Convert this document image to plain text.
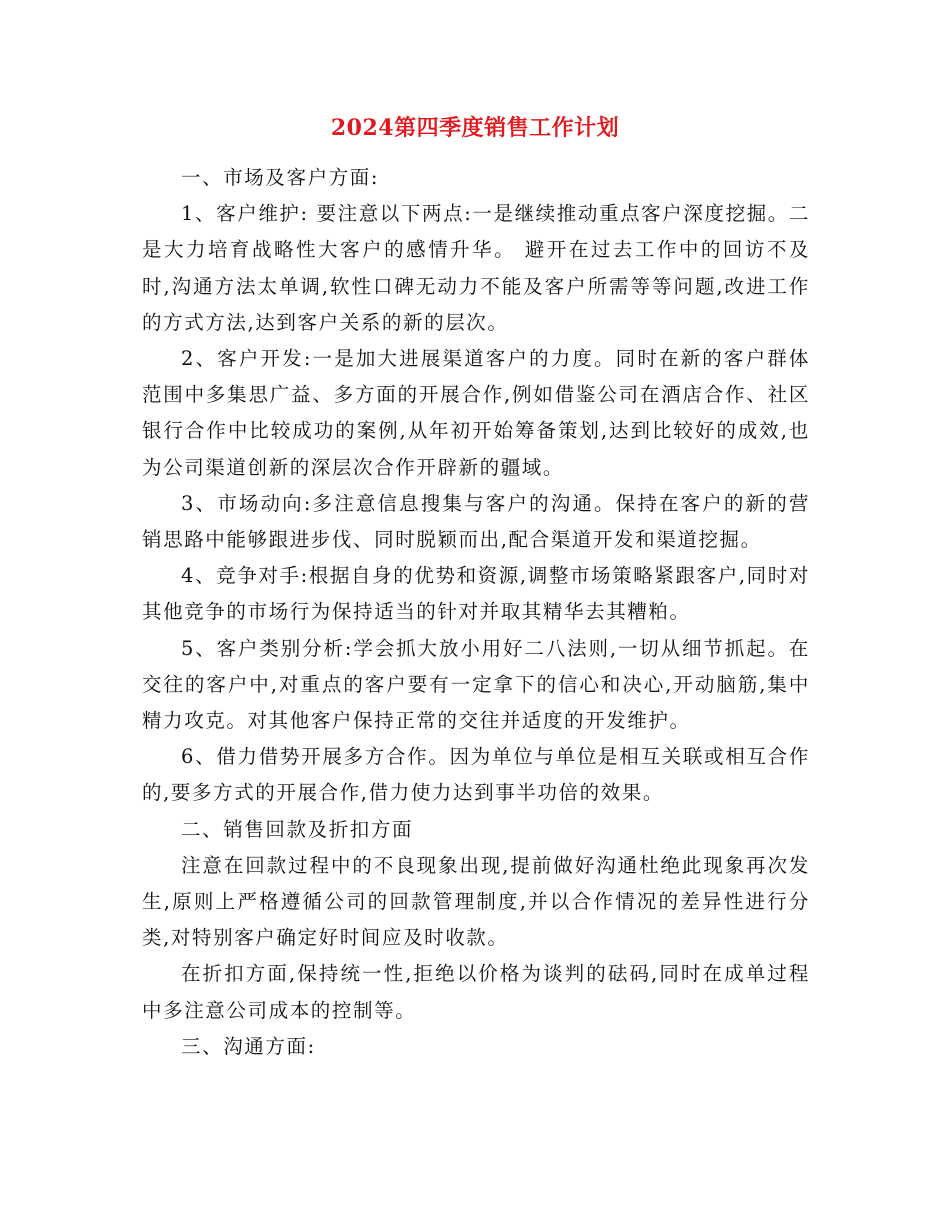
2024第四季度销售工作计划

一、市场及客户方面:

1、客户维护: 要注意以下两点:一是继续推动重点客户深度挖掘。二是大力培育战略性大客户的感情升华。 避开在过去工作中的回访不及时,沟通方法太单调,软性口碑无动力不能及客户所需等等问题,改进工作的方式方法,达到客户关系的新的层次。

2、客户开发:一是加大进展渠道客户的力度。同时在新的客户群体范围中多集思广益、多方面的开展合作,例如借鉴公司在酒店合作、社区银行合作中比较成功的案例,从年初开始筹备策划,达到比较好的成效,也为公司渠道创新的深层次合作开辟新的疆域。

3、市场动向:多注意信息搜集与客户的沟通。保持在客户的新的营销思路中能够跟进步伐、同时脱颖而出,配合渠道开发和渠道挖掘。

4、竞争对手:根据自身的优势和资源,调整市场策略紧跟客户,同时对其他竞争的市场行为保持适当的针对并取其精华去其糟粕。

5、客户类别分析:学会抓大放小用好二八法则,一切从细节抓起。在交往的客户中,对重点的客户要有一定拿下的信心和决心,开动脑筋,集中精力攻克。对其他客户保持正常的交往并适度的开发维护。

6、借力借势开展多方合作。因为单位与单位是相互关联或相互合作的,要多方式的开展合作,借力使力达到事半功倍的效果。

二、销售回款及折扣方面

注意在回款过程中的不良现象出现,提前做好沟通杜绝此现象再次发生,原则上严格遵循公司的回款管理制度,并以合作情况的差异性进行分类,对特别客户确定好时间应及时收款。

在折扣方面,保持统一性,拒绝以价格为谈判的砝码,同时在成单过程中多注意公司成本的控制等。

三、沟通方面:
